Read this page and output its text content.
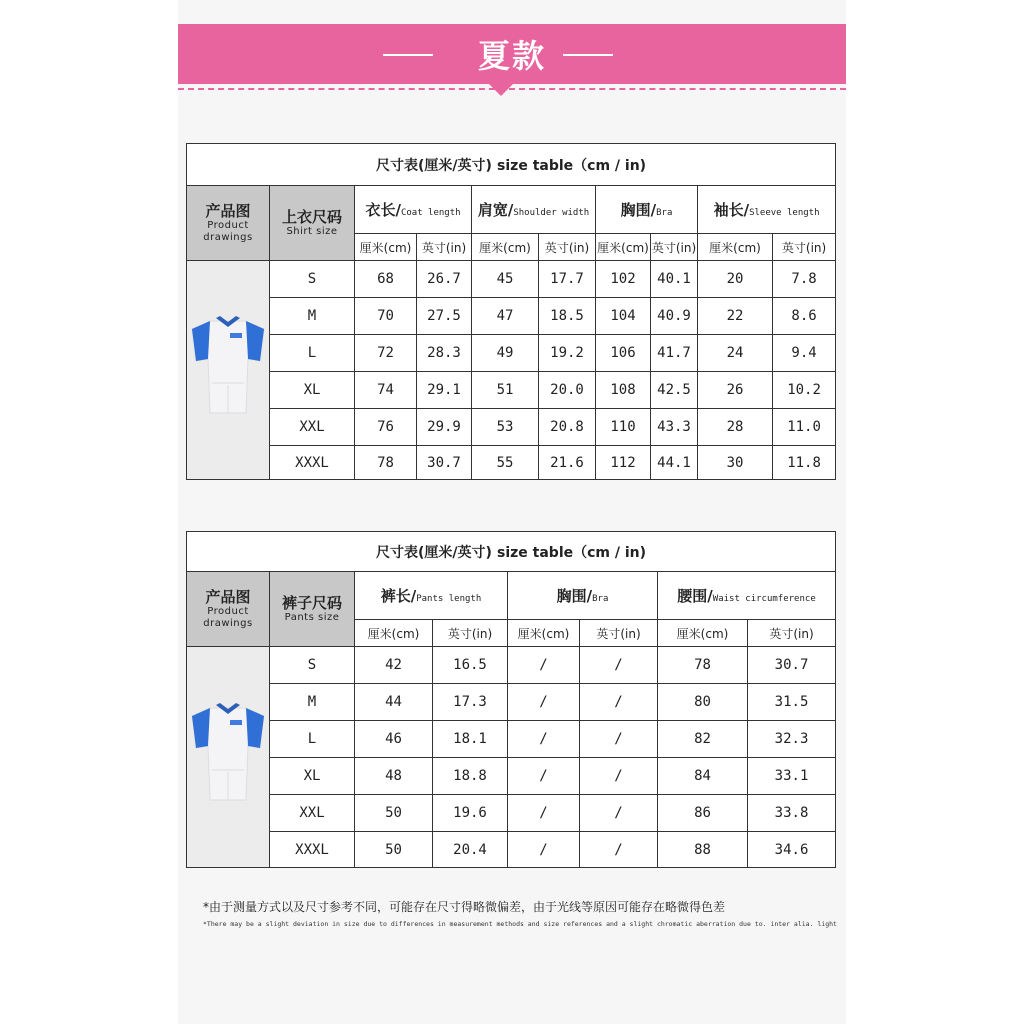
夏款
尺寸表(厘米/英寸) size table（cm / in)									

产品图
Product
drawings	上衣尺码
Shirt size	衣长/Coat length		肩宽/Shoulder width		胸围/Bra		袖长/Sleeve length	
		厘米(cm)	英寸(in)	厘米(cm)	英寸(in)	厘米(cm)	英寸(in)	厘米(cm)	英寸(in)
	S	68	26.7	45	17.7	102	40.1	20	7.8
	M	70	27.5	47	18.5	104	40.9	22	8.6
	L	72	28.3	49	19.2	106	41.7	24	9.4
	XL	74	29.1	51	20.0	108	42.5	26	10.2
	XXL	76	29.9	53	20.8	110	43.3	28	11.0
	XXXL	78	30.7	55	21.6	112	44.1	30	11.8
尺寸表(厘米/英寸) size table（cm / in)							

产品图
Product
drawings	裤子尺码
Pants size	裤长/Pants length		胸围/Bra		腰围/Waist circumference	
		厘米(cm)	英寸(in)	厘米(cm)	英寸(in)	厘米(cm)	英寸(in)
	S	42	16.5	/	/	78	30.7
	M	44	17.3	/	/	80	31.5
	L	46	18.1	/	/	82	32.3
	XL	48	18.8	/	/	84	33.1
	XXL	50	19.6	/	/	86	33.8
	XXXL	50	20.4	/	/	88	34.6
*由于测量方式以及尺寸参考不同，可能存在尺寸得略微偏差，由于光线等原因可能存在略微得色差
*There may be a slight deviation in size due to differences in measurement methods and size references and a slight chromatic aberration due to. inter alia. light
